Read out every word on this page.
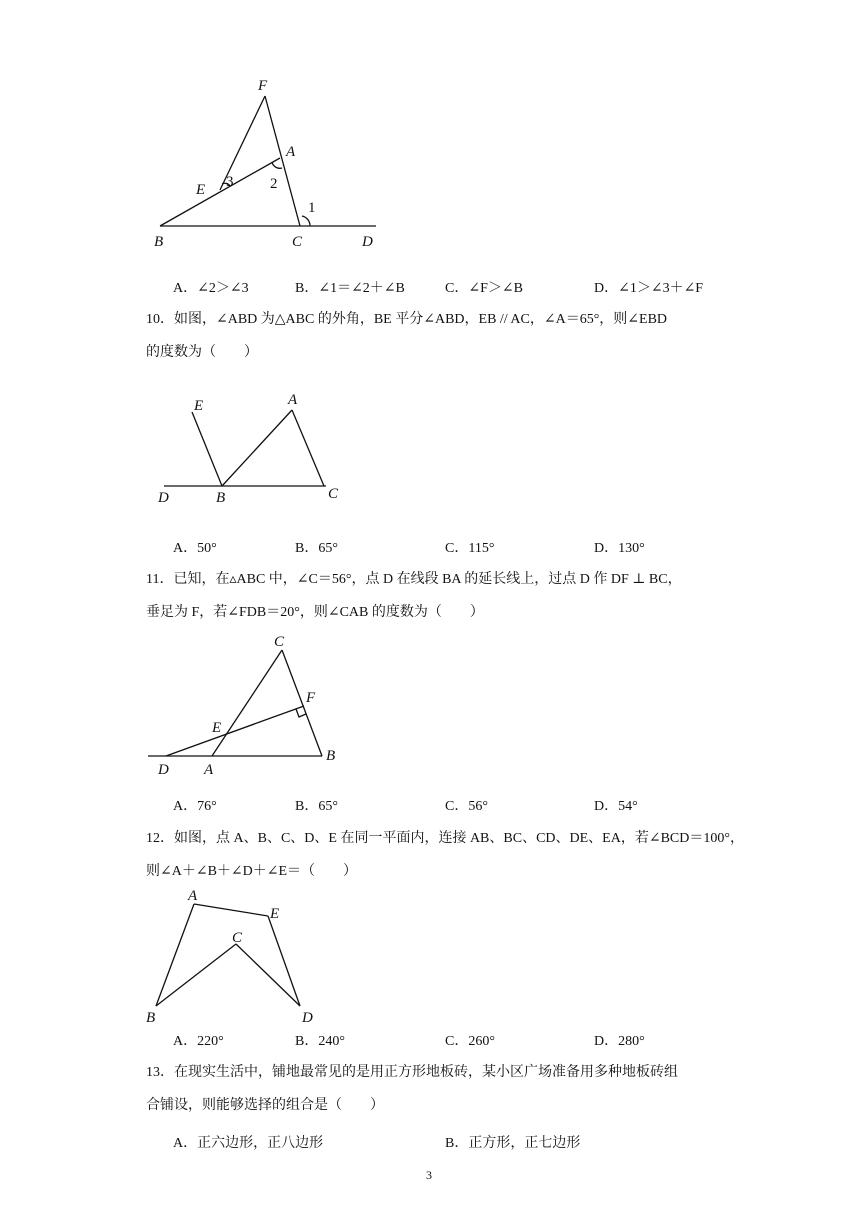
F
A
E 3 2
1
B	C	D
A．∠2＞∠3	B．∠1＝∠2＋∠B	C．∠F＞∠B	D．∠1＞∠3＋∠F
10．如图，∠ABD 为△ABC 的外角，BE 平分∠ABD，EB // AC，∠A＝65°，则∠EBD
的度数为（　　）
E	A
D	B	C
A．50°	B．65°	C．115°	D．130°
11．已知，在▵ABC 中，∠C＝56°，点 D 在线段 BA 的延长线上，过点 D 作 DF ⊥ BC，
垂足为 F，若∠FDB＝20°，则∠CAB 的度数为（　　）
C
F
E
B
D A
A．76°	B．65°	C．56°	D．54°
12．如图，点 A、B、C、D、E 在同一平面内，连接 AB、BC、CD、DE、EA，若∠BCD＝100°，
则∠A＋∠B＋∠D＋∠E＝（　　）
A
E
C
B	D
A．220°	B．240°	C．260°	D．280°
13．在现实生活中，铺地最常见的是用正方形地板砖，某小区广场准备用多种地板砖组
合铺设，则能够选择的组合是（　　）
A．正六边形，正八边形	B．正方形，正七边形
3
